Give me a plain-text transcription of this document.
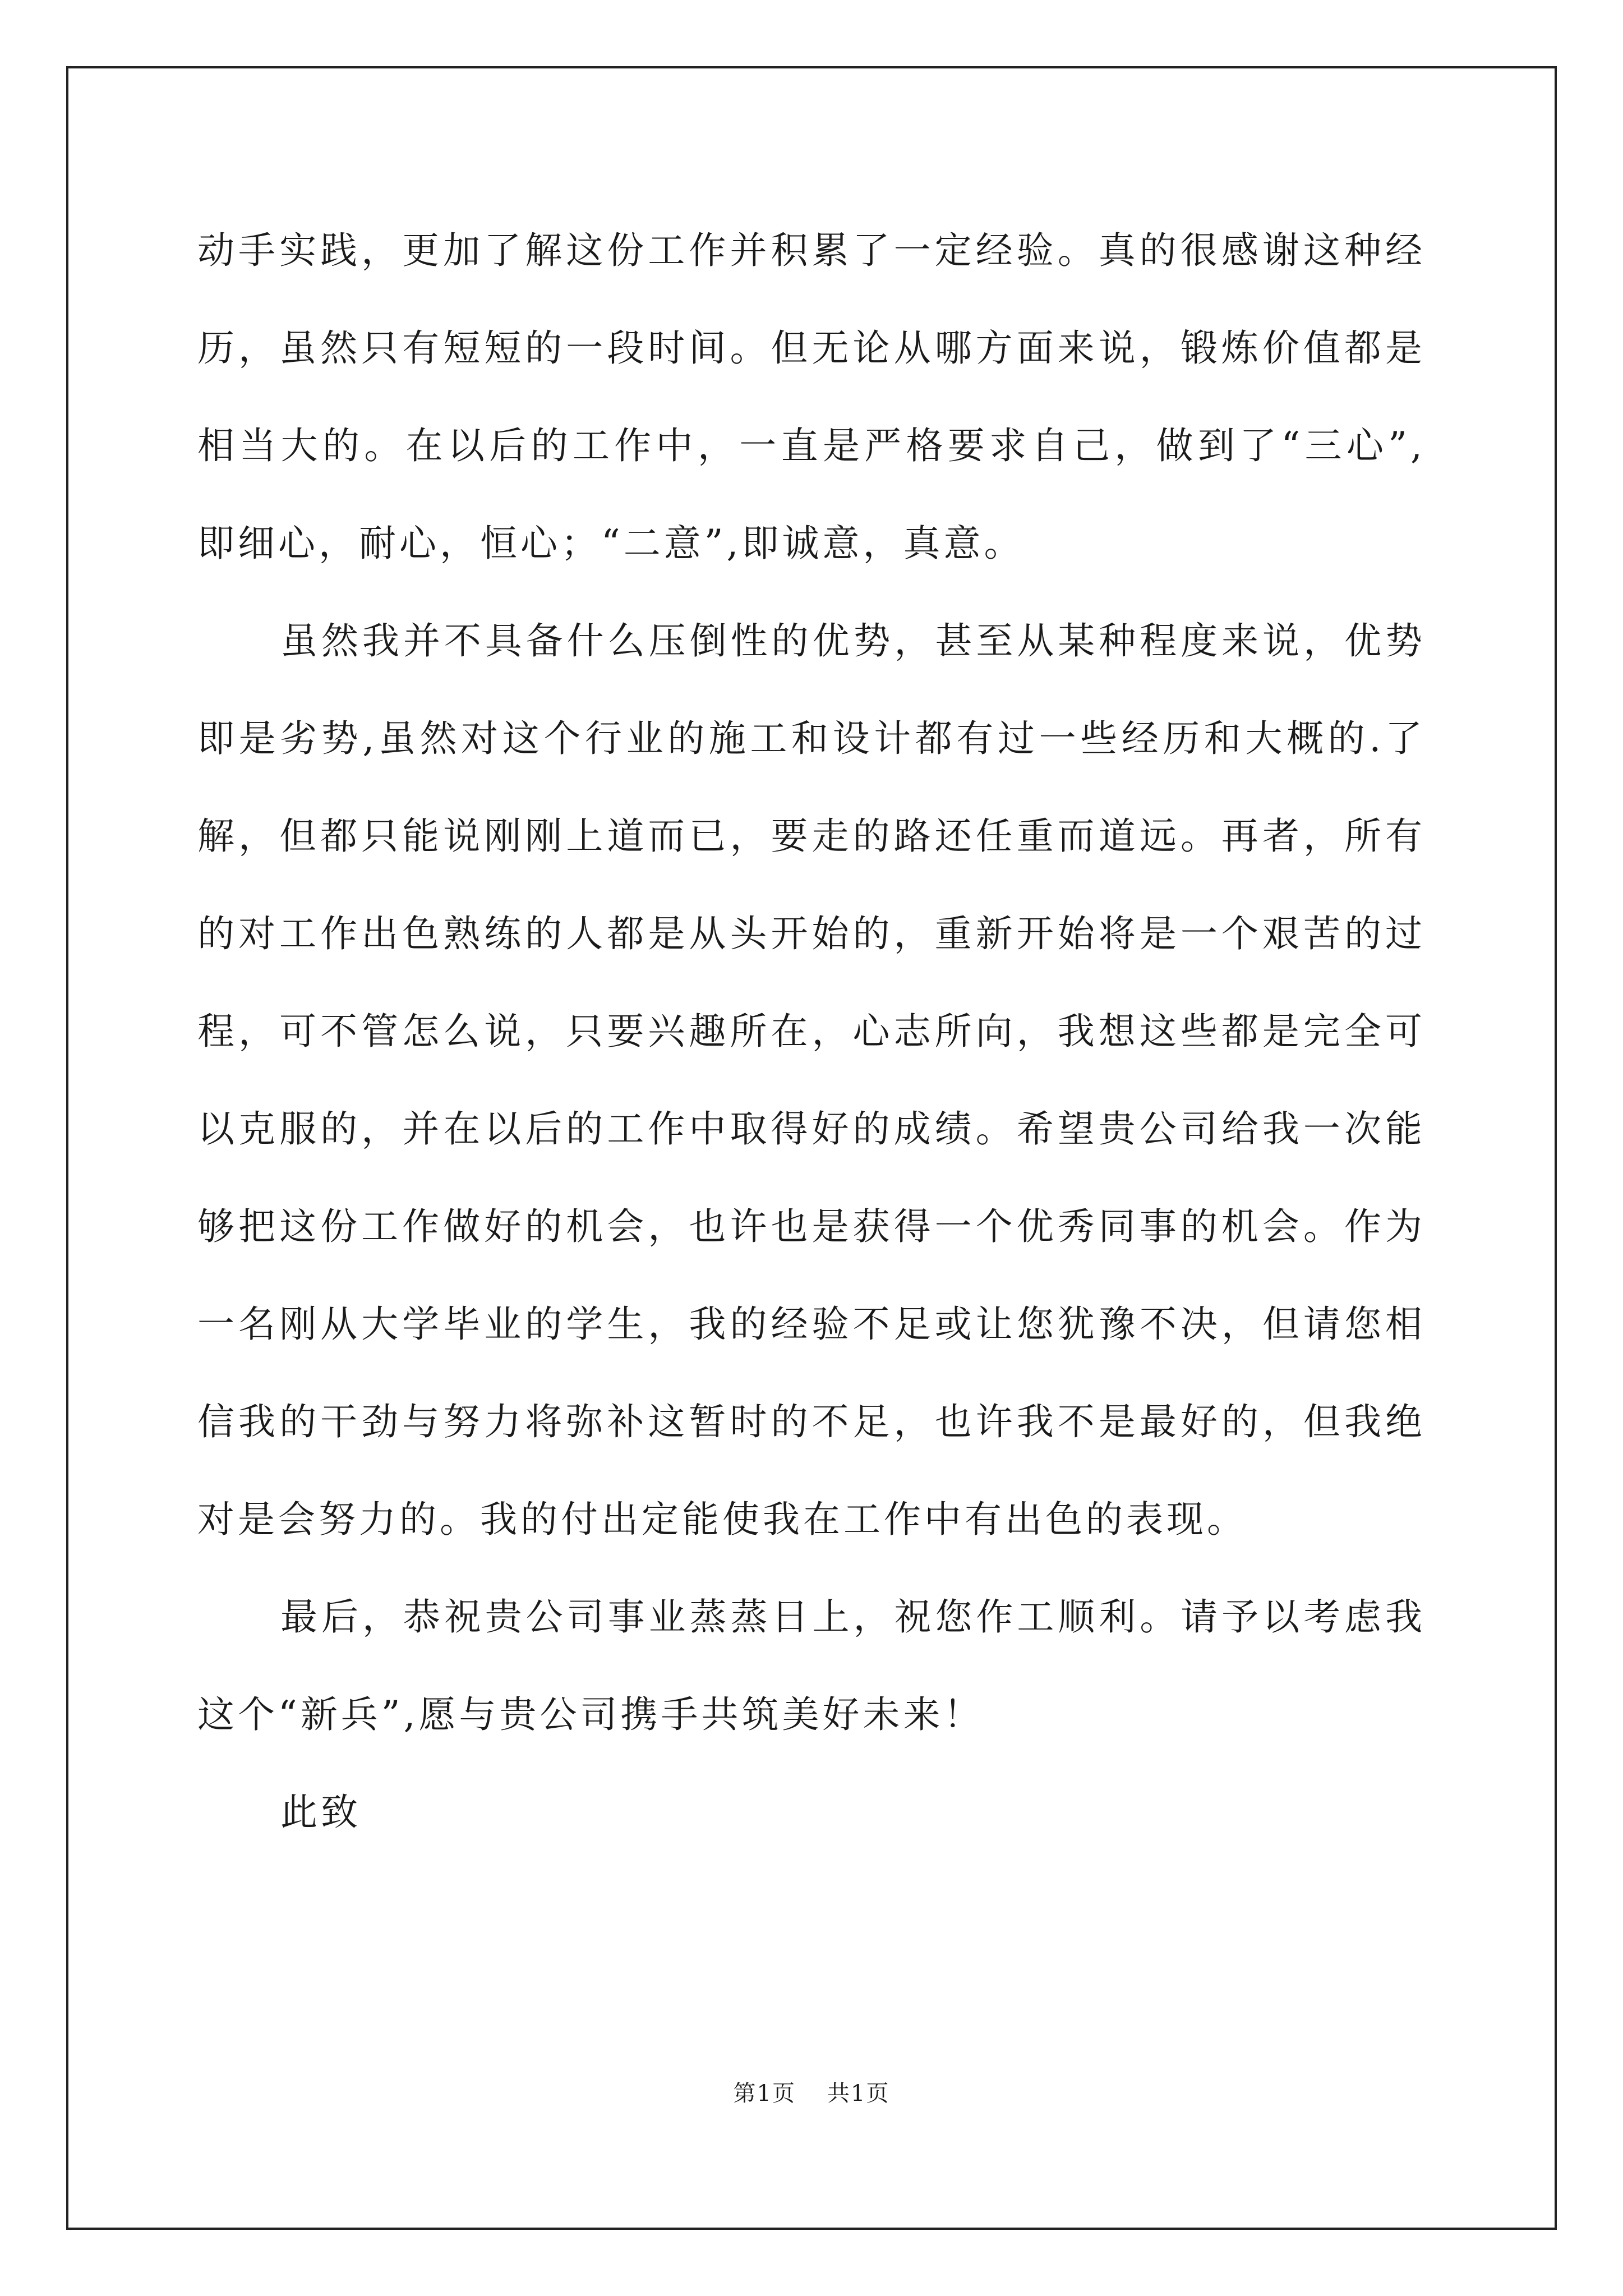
动手实践，更加了解这份工作并积累了一定经验。真的很感谢这种经历，虽然只有短短的一段时间。但无论从哪方面来说，锻炼价值都是相当大的。在以后的工作中，一直是严格要求自己，做到了“三心”,即细心，耐心，恒心；“二意”,即诚意，真意。

虽然我并不具备什么压倒性的优势，甚至从某种程度来说，优势即是劣势,虽然对这个行业的施工和设计都有过一些经历和大概的.了解，但都只能说刚刚上道而已，要走的路还任重而道远。再者，所有的对工作出色熟练的人都是从头开始的，重新开始将是一个艰苦的过程，可不管怎么说，只要兴趣所在，心志所向，我想这些都是完全可以克服的，并在以后的工作中取得好的成绩。希望贵公司给我一次能够把这份工作做好的机会，也许也是获得一个优秀同事的机会。作为一名刚从大学毕业的学生，我的经验不足或让您犹豫不决，但请您相信我的干劲与努力将弥补这暂时的不足，也许我不是最好的，但我绝对是会努力的。我的付出定能使我在工作中有出色的表现。

最后，恭祝贵公司事业蒸蒸日上，祝您作工顺利。请予以考虑我这个“新兵”,愿与贵公司携手共筑美好未来！

此致

第1页 共1页
